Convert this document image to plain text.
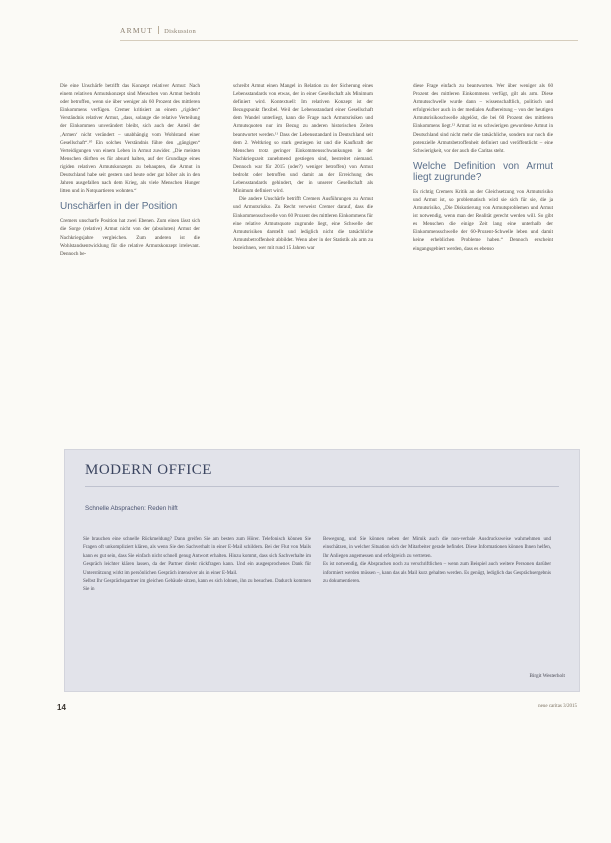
ARMUT Diskussion

Die eine Unschärfe betrifft das Konzept relativer Armut: Nach einem relativen Armutskonzept sind Menschen von Armut bedroht oder betroffen, wenn sie über weniger als 60 Prozent des mittleren Einkommens verfügen. Cremer kritisiert an einem „rigiden“ Verständnis relativer Armut, „dass, solange die relative Verteilung der Einkommen unverändert bleibt, sich auch der Anteil der ‚Armen‘ nicht verändert – unabhängig vom Wohlstand einer Gesellschaft“.¹⁰ Ein solches Verständnis führe den „gängigen“ Verteidigungen von einem Leben in Armut zuwider. „Die meisten Menschen dürften es für absurd halten, auf der Grundlage eines rigiden relativen Armutskonzepts zu behaupten, die Armut in Deutschland habe seit gestern und heute oder gar höher als in den Jahren ausgefallen nach dem Krieg, als viele Menschen Hunger litten und in Notquartieren wohnten.“

Unschärfen in der Position

Cremers unscharfe Position hat zwei Ebenen. Zum einen lässt sich die Sorge (relative) Armut nicht von der (absoluten) Armut der Nachkriegsjahre vergleichen. Zum anderen ist die Wohlstandsentwicklung für die relative Armutskonzept irrelevant. Dennoch be-

schreibt Armut einen Mangel in Relation zu der Sicherung eines Lebensstandards von etwas, der in einer Gesellschaft als Minimum definiert wird. Kontextuell: Im relativen Konzept ist der Bezugspunkt flexibel. Weil der Lebensstandard einer Gesellschaft dem Wandel unterliegt, kann die Frage nach Armutsrisiken und Armutsquoten nur im Bezug zu anderen historischen Zeiten beantwortet werden.¹¹ Dass der Lebensstandard in Deutschland seit dem 2. Weltkrieg so stark gestiegen ist und die Kaufkraft der Menschen trotz geringer Einkommensschwankungen in der Nachkriegszeit zunehmend gestiegen sind, bestreitet niemand. Dennoch war für 2015 (oder?) weniger betroffen) von Armut bedroht oder betroffen und damit an der Erreichung des Lebensstandards gehindert, der in unserer Gesellschaft als Minimum definiert wird.

Die andere Unschärfe betrifft Cremers Ausführungen zu Armut und Armutsrisiko. Zu Recht verweist Cremer darauf, dass die Einkommensschwelle von 60 Prozent des mittleren Einkommens für eine relative Armutsquote zugrunde liegt, eine Schwelle der Armutsrisiken darstellt und lediglich nicht die tatsächliche Armutsbetroffenheit abbildet. Wenn aber in der Statistik als arm zu bezeichnen, wer mit rund 15 Jahren war

diese Frage einfach zu beantworten. Wer über weniger als 60 Prozent des mittleren Einkommens verfügt, gilt als arm. Diese Armutsschwelle wurde dann – wissenschaftlich, politisch und erfolgreicher auch in der medialen Aufbereitung – von der heutigen Armutsrisikoschwelle abgelöst, die bei 60 Prozent des mittleren Einkommens liegt.¹² Armut ist es schwierigen gewordene Armut in Deutschland sind nicht mehr die tatsächliche, sondern nur noch die potenzielle Armutsbetroffenheit definiert und veröffentlicht – eine Schwierigkeit, vor der auch die Caritas steht.

Welche Definition von Armut liegt zugrunde?

Es richtig Cremers Kritik an der Gleichsetzung von Armutsrisiko und Armut ist, so problematisch wird sie sich für sie, die ja Armutsrisiko, „Die Diskutierung von Armutsproblemen und Armut ist notwendig, wenn man der Realität gerecht werden will. So gibt es Menschen die einige Zeit lang eine unterhalb der Einkommensschwelle der 60-Prozent-Schwelle leben und damit keine erheblichen Probleme haben.“ Dennoch erscheint eingangsgebiert werden, dass es ebenso

MODERN OFFICE
Schnelle Absprachen: Reden hilft

Sie brauchen eine schnelle Rückmeldung? Dann greifen Sie am besten zum Hörer. Telefonisch können Sie Fragen oft unkompliziert klären, als wenn Sie den Sachverhalt in einer E-Mail schildern. Bei der Flut von Mails kann es gut sein, dass Sie einfach nicht schnell genug Antwort erhalten. Hinzu kommt, dass sich Sachverhalte im Gespräch leichter klären lassen, da der Partner direkt rückfragen kann. Und ein ausgesprochenes Dank für Unterstützung wirkt im persönlichen Gespräch intensiver als in einer E-Mail.

Selbst Ihr Gesprächspartner im gleichen Gebäude sitzen, kann es sich lohnen, ihn zu besuchen. Dadurch kommen Sie in

Bewegung, und Sie können neben der Mimik auch die non-verbale Ausdrucksweise wahrnehmen und einschätzen, in welcher Situation sich der Mitarbeiter gerade befindet. Diese Informationen können Ihnen helfen, Ihr Anliegen angemessen und erfolgreich zu vertreten.

Es ist notwendig, die Absprachen noch zu verschriftlichen – wenn zum Beispiel auch weitere Personen darüber informiert werden müssen –, kann das als Mail kurz gehalten werden. Es genügt, lediglich das Gesprächsergebnis zu dokumentieren.

Birgit Westerholt
14	neue caritas 3/2015
